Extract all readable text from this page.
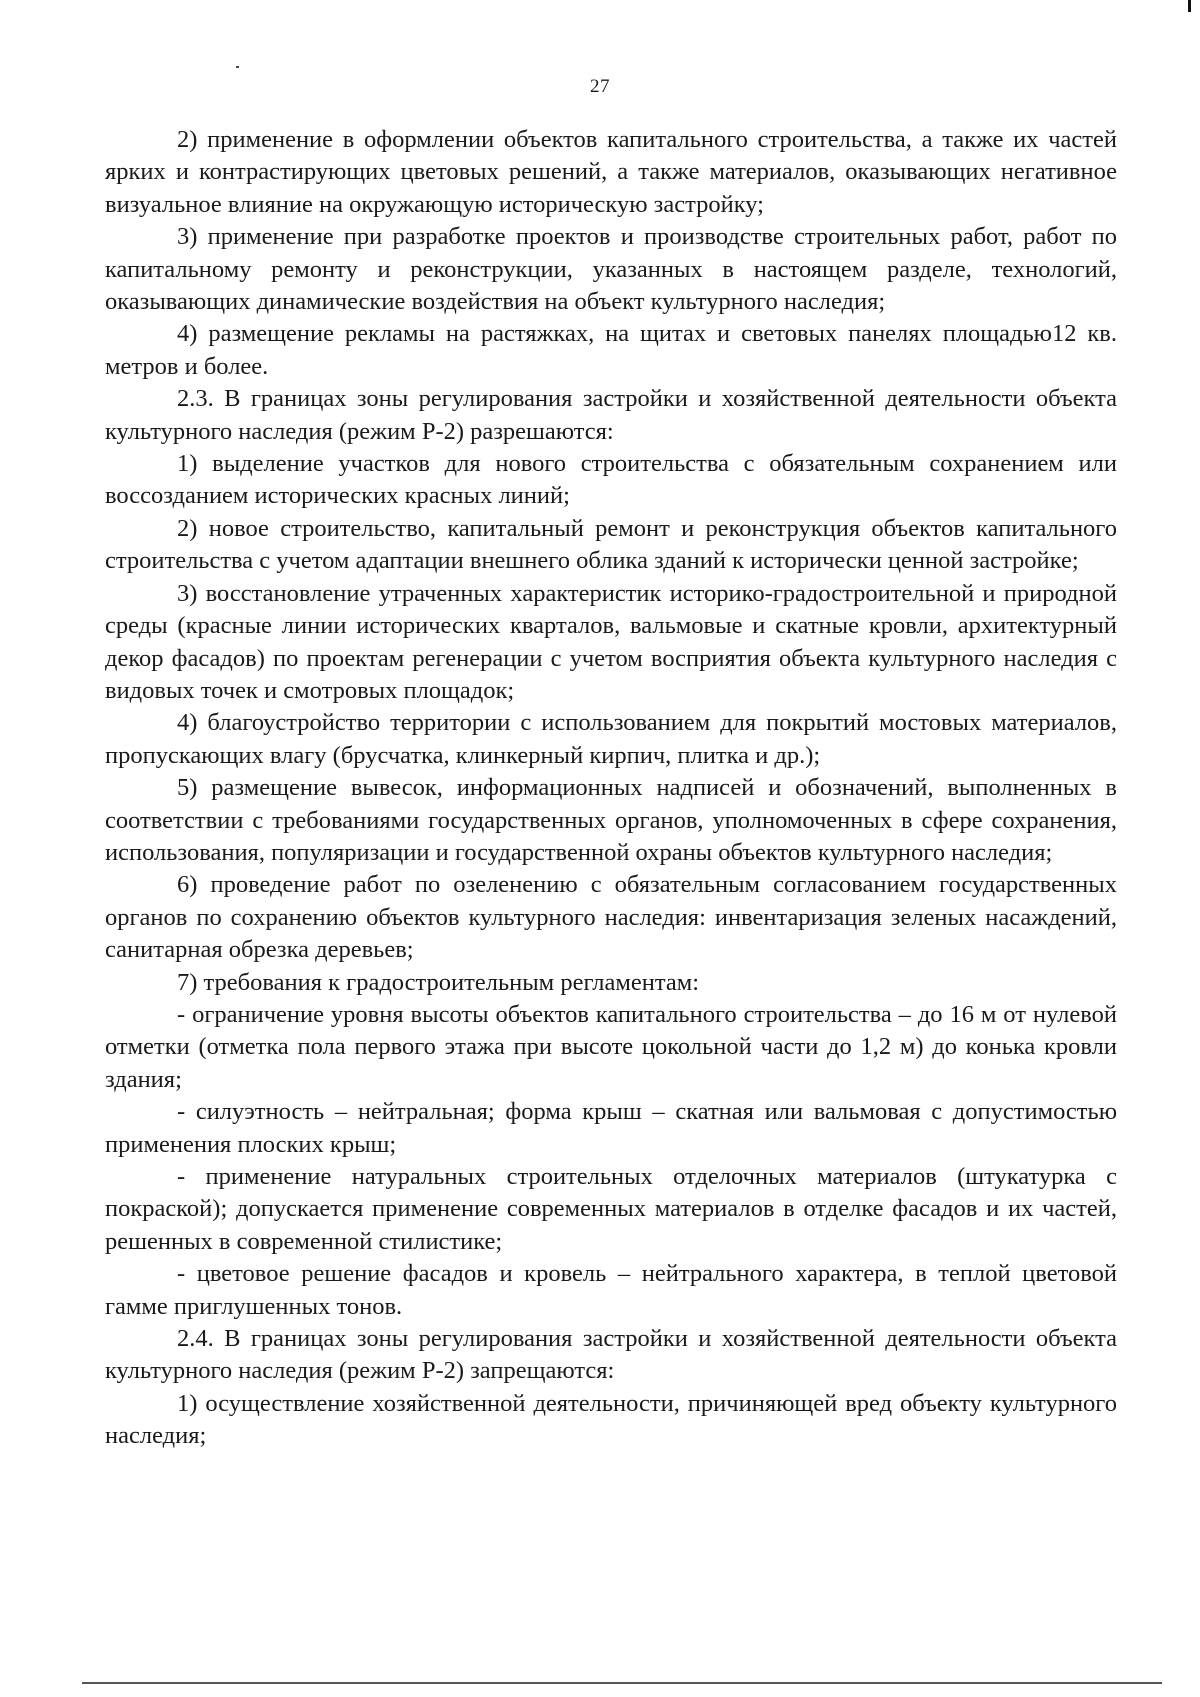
27

2) применение в оформлении объектов капитального строительства, а также их частей ярких и контрастирующих цветовых решений, а также материалов, оказывающих негативное визуальное влияние на окружающую историческую застройку;

3) применение при разработке проектов и производстве строительных работ, работ по капитальному ремонту и реконструкции, указанных в настоящем разделе, технологий, оказывающих динамические воздействия на объект культурного наследия;

4) размещение рекламы на растяжках, на щитах и световых панелях площадью12 кв. метров и более.

2.3. В границах зоны регулирования застройки и хозяйственной деятельности объекта культурного наследия (режим Р-2) разрешаются:

1) выделение участков для нового строительства с обязательным сохранением или воссозданием исторических красных линий;

2) новое строительство, капитальный ремонт и реконструкция объектов капитального строительства с учетом адаптации внешнего облика зданий к исторически ценной застройке;

3) восстановление утраченных характеристик историко-градостроительной и природной среды (красные линии исторических кварталов, вальмовые и скатные кровли, архитектурный декор фасадов) по проектам регенерации с учетом восприятия объекта культурного наследия с видовых точек и смотровых площадок;

4) благоустройство территории с использованием для покрытий мостовых материалов, пропускающих влагу (брусчатка, клинкерный кирпич, плитка и др.);

5) размещение вывесок, информационных надписей и обозначений, выполненных в соответствии с требованиями государственных органов, уполномоченных в сфере сохранения, использования, популяризации и государственной охраны объектов культурного наследия;

6) проведение работ по озеленению с обязательным согласованием государственных органов по сохранению объектов культурного наследия: инвентаризация зеленых насаждений, санитарная обрезка деревьев;

7) требования к градостроительным регламентам:

- ограничение уровня высоты объектов капитального строительства – до 16 м от нулевой отметки (отметка пола первого этажа при высоте цокольной части до 1,2 м) до конька кровли здания;

- силуэтность – нейтральная; форма крыш – скатная или вальмовая с допустимостью применения плоских крыш;

- применение натуральных строительных отделочных материалов (штукатурка с покраской); допускается применение современных материалов в отделке фасадов и их частей, решенных в современной стилистике;

- цветовое решение фасадов и кровель – нейтрального характера, в теплой цветовой гамме приглушенных тонов.

2.4. В границах зоны регулирования застройки и хозяйственной деятельности объекта культурного наследия (режим Р-2) запрещаются:

1) осуществление хозяйственной деятельности, причиняющей вред объекту культурного наследия;
